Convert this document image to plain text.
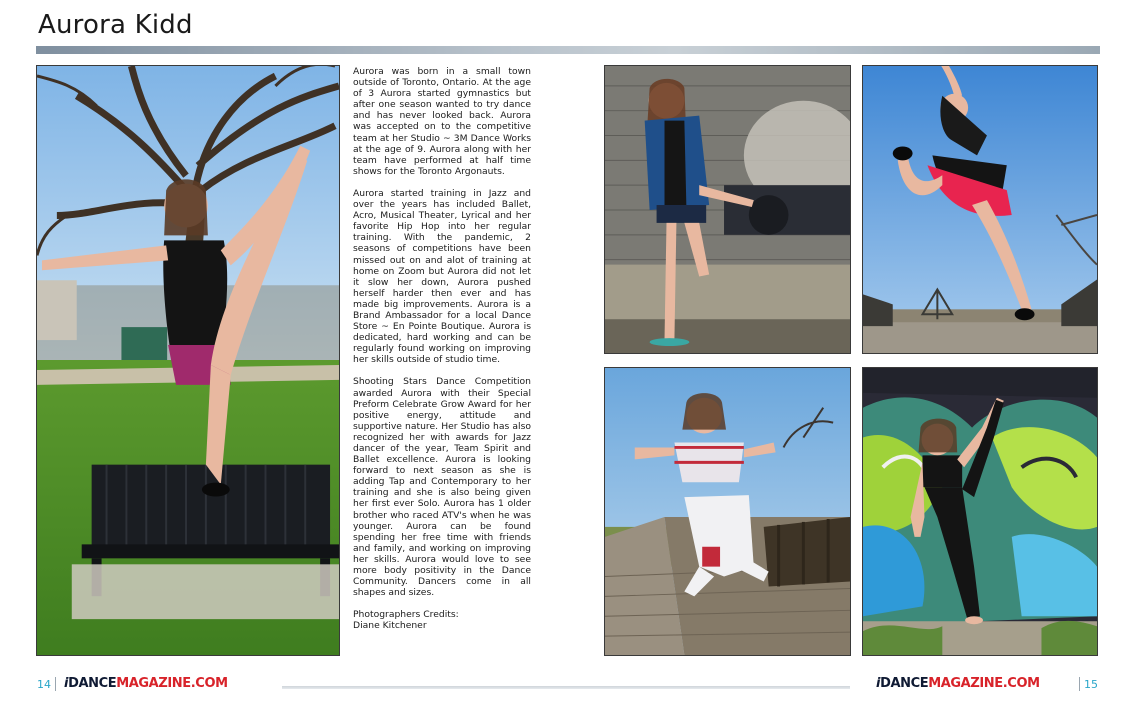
Aurora Kidd

Aurora was born in a small town outside of Toronto, Ontario. At the age of 3 Aurora started gymnastics but after one season wanted to try dance and has never looked back. Aurora was accepted on to the competitive team at her Studio ~ 3M Dance Works at the age of 9. Aurora along with her team have performed at half time shows for the Toronto Argonauts.

Aurora started training in Jazz and over the years has included Ballet, Acro, Musical Theater, Lyrical and her favorite Hip Hop into her regular training. With the pandemic, 2 seasons of competitions have been missed out on and alot of training at home on Zoom but Aurora did not let it slow her down, Aurora pushed herself harder then ever and has made big improvements. Aurora is a Brand Ambassador for a local Dance Store ~ En Pointe Boutique. Aurora is dedicated, hard working and can be regularly found working on improving her skills outside of studio time.

Shooting Stars Dance Competition awarded Aurora with their Special Preform Celebrate Grow Award for her positive energy, attitude and supportive nature. Her Studio has also recognized her with awards for Jazz dancer of the year, Team Spirit and Ballet excellence. Aurora is looking forward to next season as she is adding Tap and Contemporary to her training and she is also being given her first ever Solo. Aurora has 1 older brother who raced ATV's when he was younger. Aurora can be found spending her free time with friends and family, and working on improving her skills. Aurora would love to see more body positivity in the Dance Community. Dancers come in all shapes and sizes.

Photographers Credits:
Diane Kitchener

14 iDANCEMAGAZINE.COM	iDANCEMAGAZINE.COM	15
